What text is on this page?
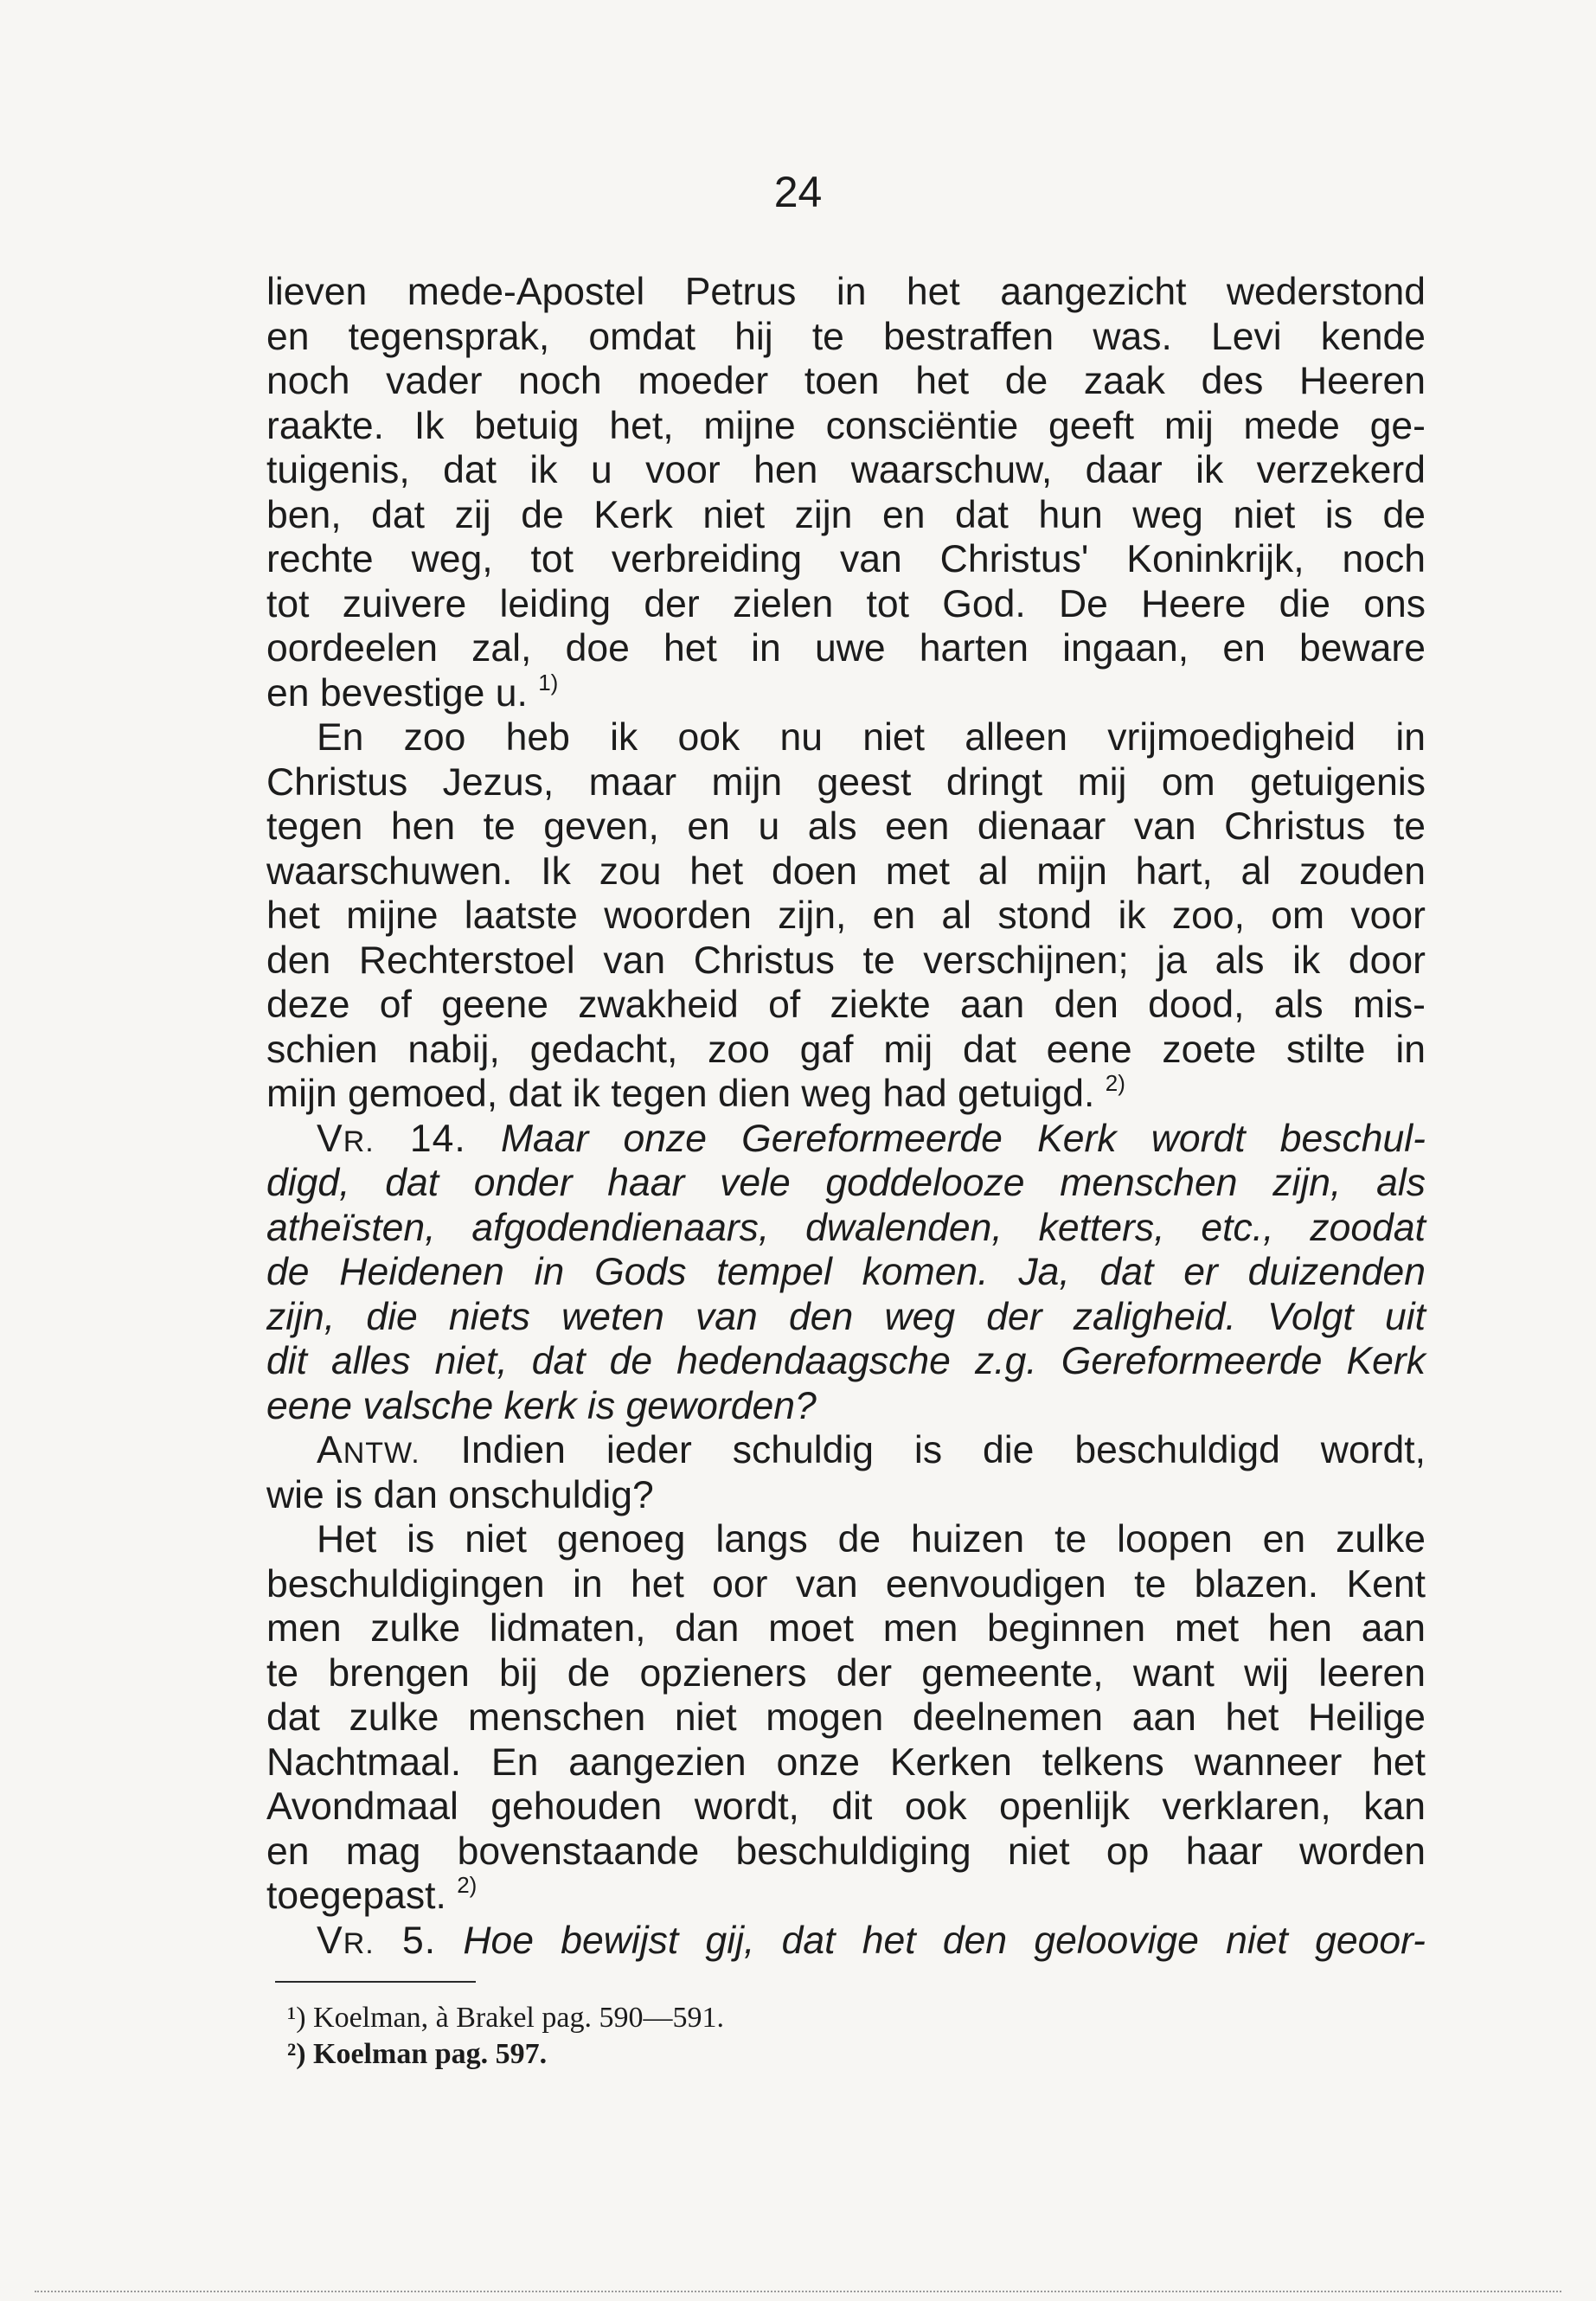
24
lieven mede-Apostel Petrus in het aangezicht wederstond
en tegensprak, omdat hij te bestraffen was. Levi kende
noch vader noch moeder toen het de zaak des Heeren
raakte. Ik betuig het, mijne consciëntie geeft mij mede ge-
tuigenis, dat ik u voor hen waarschuw, daar ik verzekerd
ben, dat zij de Kerk niet zijn en dat hun weg niet is de
rechte weg, tot verbreiding van Christus' Koninkrijk, noch
tot zuivere leiding der zielen tot God. De Heere die ons
oordeelen zal, doe het in uwe harten ingaan, en beware
en bevestige u. $^{1)}$
En zoo heb ik ook nu niet alleen vrijmoedigheid in
Christus Jezus, maar mijn geest dringt mij om getuigenis
tegen hen te geven, en u als een dienaar van Christus te
waarschuwen. Ik zou het doen met al mijn hart, al zouden
het mijne laatste woorden zijn, en al stond ik zoo, om voor
den Rechterstoel van Christus te verschijnen; ja als ik door
deze of geene zwakheid of ziekte aan den dood, als mis-
schien nabij, gedacht, zoo gaf mij dat eene zoete stilte in
mijn gemoed, dat ik tegen dien weg had getuigd. $^{2)}$
VR. 14. Maar onze Gereformeerde Kerk wordt beschul-
digd, dat onder haar vele goddelooze menschen zijn, als
atheïsten, afgodendienaars, dwalenden, ketters, etc., zoodat
de Heidenen in Gods tempel komen. Ja, dat er duizenden
zijn, die niets weten van den weg der zaligheid. Volgt uit
dit alles niet, dat de hedendaagsche z.g. Gereformeerde Kerk
eene valsche kerk is geworden?
ANTW. Indien ieder schuldig is die beschuldigd wordt,
wie is dan onschuldig?
Het is niet genoeg langs de huizen te loopen en zulke
beschuldigingen in het oor van eenvoudigen te blazen. Kent
men zulke lidmaten, dan moet men beginnen met hen aan
te brengen bij de opzieners der gemeente, want wij leeren
dat zulke menschen niet mogen deelnemen aan het Heilige
Nachtmaal. En aangezien onze Kerken telkens wanneer het
Avondmaal gehouden wordt, dit ook openlijk verklaren, kan
en mag bovenstaande beschuldiging niet op haar worden
toegepast. $^{2)}$
VR. 5. Hoe bewijst gij, dat het den geloovige niet geoor-
¹) Koelman, à Brakel pag. 590—591.
²) Koelman pag. 597.
